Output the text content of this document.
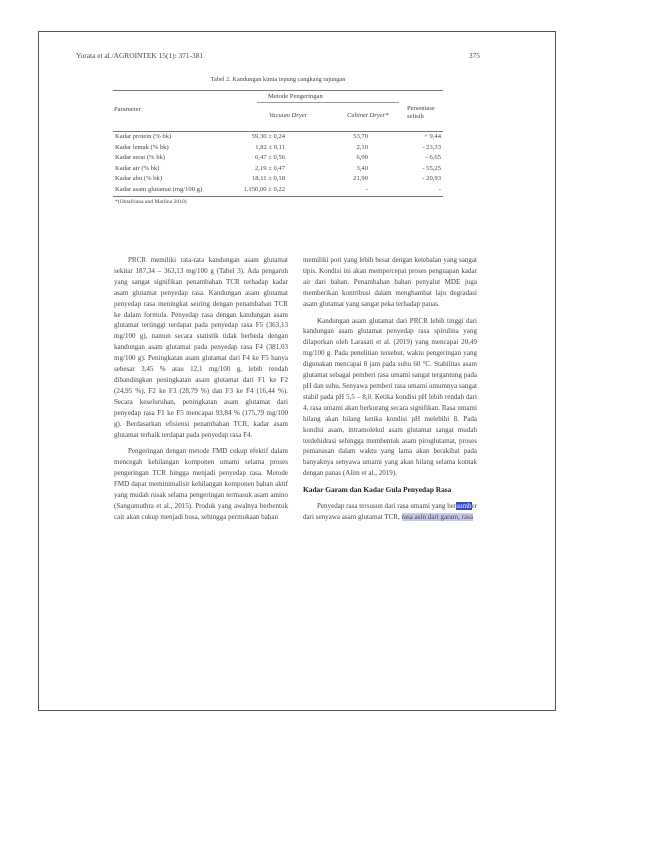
Yorata et al./AGROINTEK 15(1): 371-381	375
Tabel 2. Kandungan kimia tepung cangkang rajungan
Parameter
Metode Pengeringan
Vacuum Dryer	Cabinet Dryer*
Persentase selisih
Kadar protein (% bk)	59,30 ± 0,24	53,70	+ 9,44
Kadar lemak (% bk)	1,82 ± 0,11	2,10	- 23,33
Kadar serat (% bk)	6,47 ± 0,56	6,90	- 6,65
Kadar air (% bk)	2,19 ± 0,47	3,40	- 55,25
Kadar abu (% bk)	18,11 ± 0,18	21,90	- 20,93
Kadar asam glutamat (mg/100 g)	1.150,00 ± 0,22	-	-
*(Oktafriana and Marlina 2010)

PRCR memiliki rata-rata kandungan asam glutamat sekitar 187,34 – 363,13 mg/100 g (Tabel 3). Ada pengaruh yang sangat signifikan penambahan TCR terhadap kadar asam glutamat penyedap rasa. Kandungan asam glutamat penyedap rasa meningkat seiring dengan penambahan TCR ke dalam formula. Penyedap rasa dengan kandungan asam glutamat tertinggi terdapat pada penyedap rasa F5 (363,13 mg/100 g), namun secara statistik tidak berbeda dengan kandungan asam glutamat pada penyedap rasa F4 (381,03 mg/100 g). Peningkatan asam glutamat dari F4 ke F5 hanya sebesar 3,45 % atau 12,1 mg/100 g, lebih rendah dibandingkan peningkatan asam glutamat dari F1 ke F2 (24,95 %), F2 ke F3 (28,79 %) dan F3 ke F4 (16,44 %). Secara keseluruhan, peningkatan asam glutamat dari penyedap rasa F1 ke F5 mencapai 93,84 % (175,79 mg/100 g). Berdasarkan efisiensi penambahan TCR, kadar asam glutamat terbaik terdapat pada penyedap rasa F4.

Pengeringan dengan metode FMD cukup efektif dalam mencegah kehilangan komponen umami selama proses pengeringan TCR hingga menjadi penyedap rasa. Metode FMD dapat meminimalisir kehilangan komponen bahan aktif yang mudah rusak selama pengeringan termasuk asam amino (Sangumuthra et al., 2015). Produk yang awalnya berbentuk cair akan cukup menjadi busa, sehingga permukaan bahan

memiliki pori yang lebih besar dengan ketebalan yang sangat tipis. Kondisi ini akan mempercepat proses penguapan kadar air dari bahan. Penambahan bahan penyalut MDE juga memberikan kontribusi dalam menghambat laju degradasi asam glutamat yang sangat peka terhadap panas.

Kandungan asam glutamat dari PRCR lebih tinggi dari kandungan asam glutamat penyedap rasa spirulina yang dilaporkan oleh Larasati et al. (2019) yang mencapai 20,49 mg/100 g. Pada penelitian tersebut, waktu pengeringan yang digunakan mencapai 8 jam pada suhu 60 °C. Stabilitas asam glutamat sebagai pemberi rasa umami sangat tergantung pada pH dan suhu. Senyawa pemberi rasa umami umumnya sangat stabil pada pH 5,5 – 8,0. Ketika kondisi pH lebih rendah dari 4, rasa umami akan berkurang secara signifikan. Rasa umami hilang akan hilang ketika kondisi pH melebihi 8. Pada kondisi asam, intramolekul asam glutamat sangat mudah terdehidrasi sehingga membentuk asam piroglutamat, proses pemanasan dalam waktu yang lama akan berakibat pada banyaknya senyawa umami yang akan hilang selama kontak dengan panas (Alim et al., 2019).

Kadar Garam dan Kadar Gula Penyedap Rasa

Penyedap rasa tersusun dari rasa umami yang bersumber dari senyawa asam glutamat TCR, rasa asin dari garam, rasa
